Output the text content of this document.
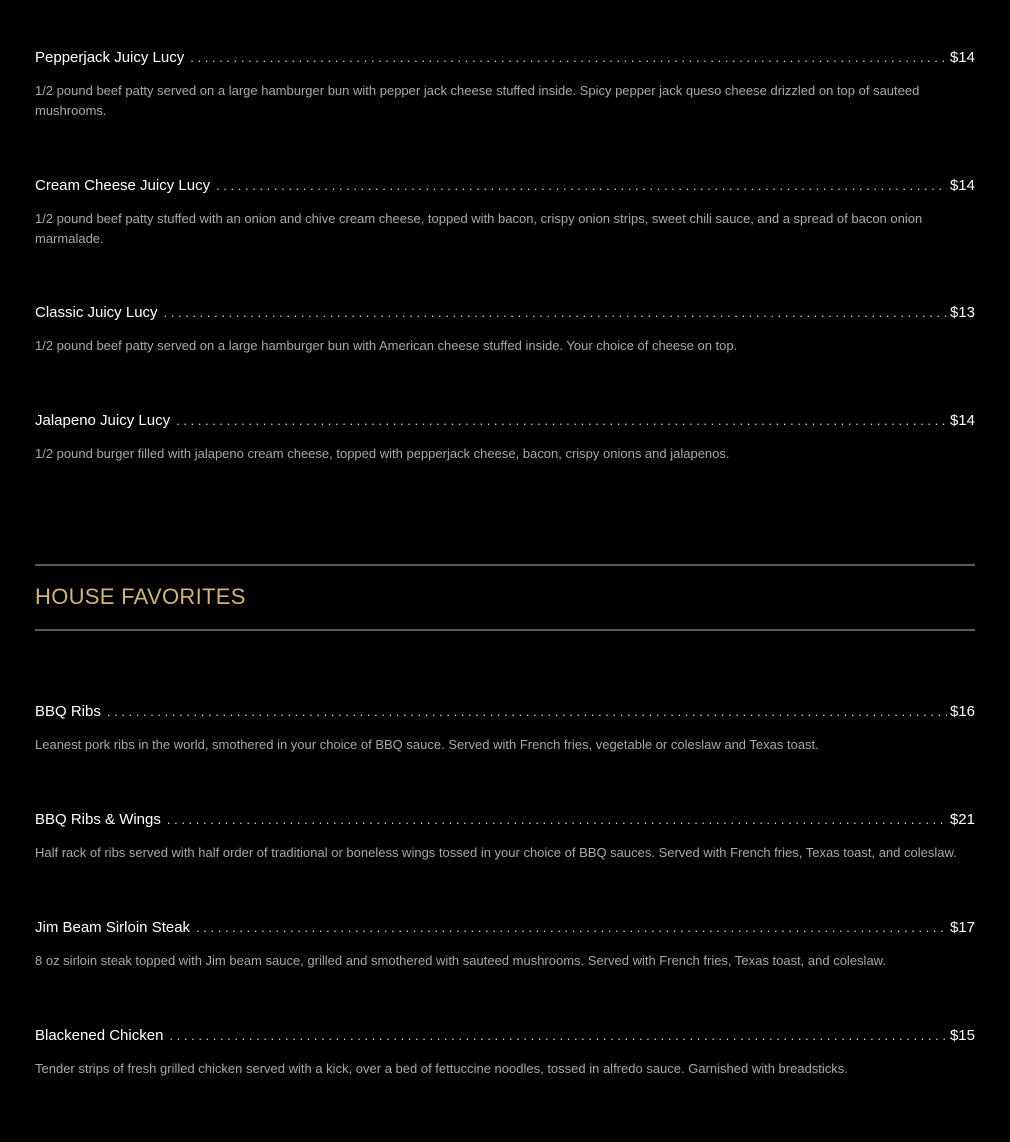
Pepperjack Juicy Lucy . . .	$14
1/2 pound beef patty served on a large hamburger bun with pepper jack cheese stuffed inside. Spicy pepper jack queso cheese drizzled on top of sauteed mushrooms.
Cream Cheese Juicy Lucy . . .	$14
1/2 pound beef patty stuffed with an onion and chive cream cheese, topped with bacon, crispy onion strips, sweet chili sauce, and a spread of bacon onion marmalade.
Classic Juicy Lucy . . .	$13
1/2 pound beef patty served on a large hamburger bun with American cheese stuffed inside. Your choice of cheese on top.
Jalapeno Juicy Lucy . . .	$14
1/2 pound burger filled with jalapeno cream cheese, topped with pepperjack cheese, bacon, crispy onions and jalapenos.
HOUSE FAVORITES
BBQ Ribs . . .	$16
Leanest pork ribs in the world, smothered in your choice of BBQ sauce. Served with French fries, vegetable or coleslaw and Texas toast.
BBQ Ribs & Wings . . .	$21
Half rack of ribs served with half order of traditional or boneless wings tossed in your choice of BBQ sauces. Served with French fries, Texas toast, and coleslaw.
Jim Beam Sirloin Steak . . .	$17
8 oz sirloin steak topped with Jim beam sauce, grilled and smothered with sauteed mushrooms. Served with French fries, Texas toast, and coleslaw.
Blackened Chicken . . .	$15
Tender strips of fresh grilled chicken served with a kick, over a bed of fettuccine noodles, tossed in alfredo sauce. Garnished with breadsticks.
